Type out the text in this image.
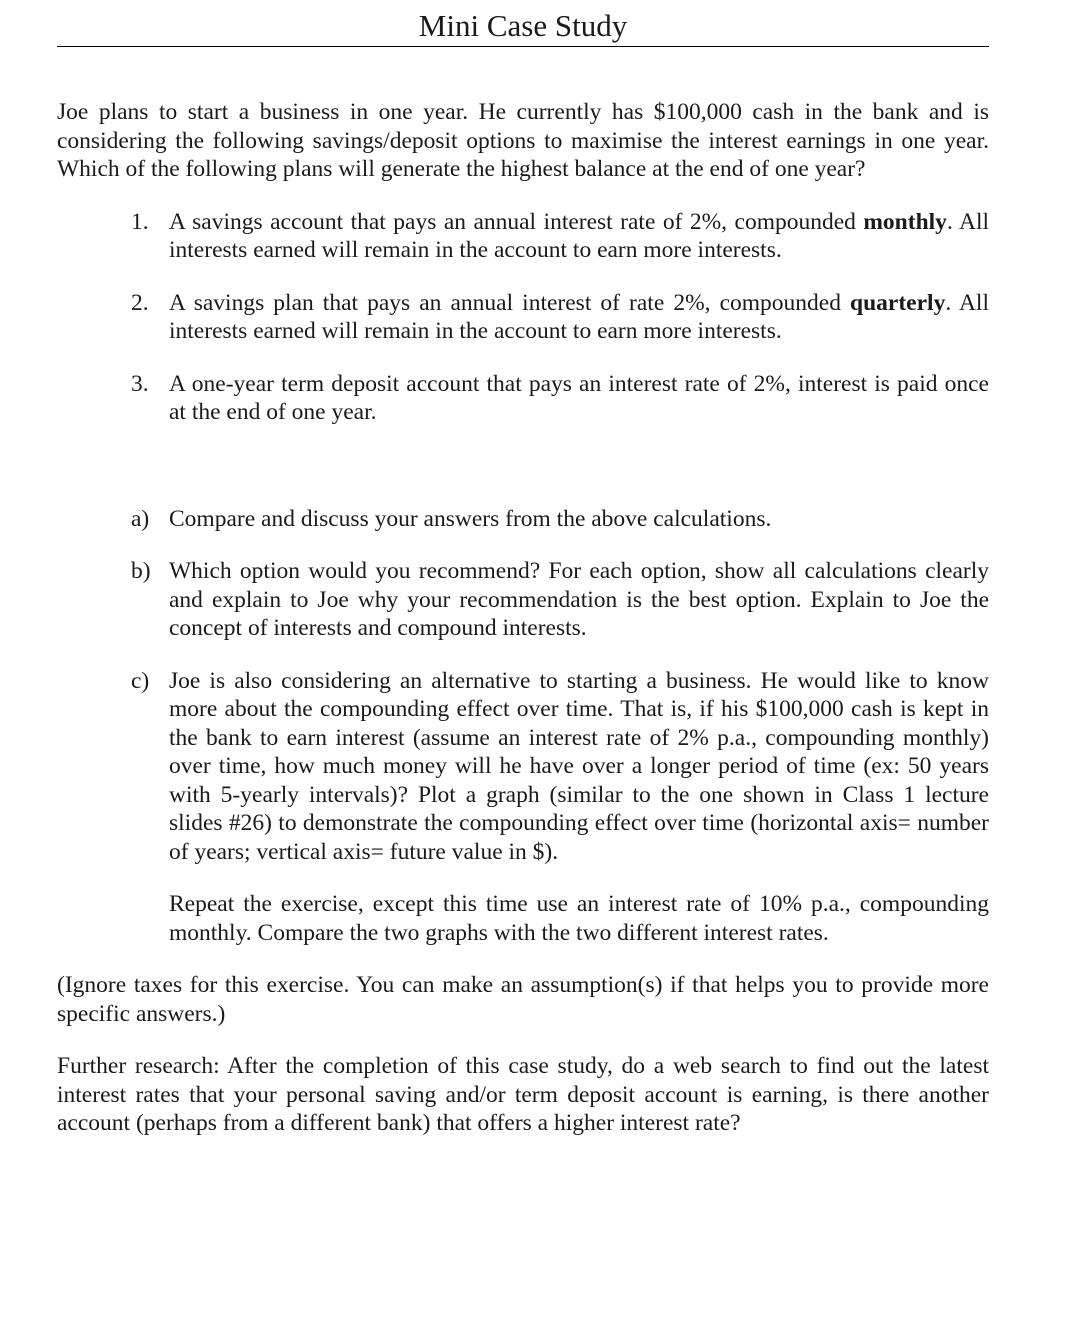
Mini Case Study

Joe plans to start a business in one year. He currently has $100,000 cash in the bank and is considering the following savings/deposit options to maximise the interest earnings in one year. Which of the following plans will generate the highest balance at the end of one year?

1. A savings account that pays an annual interest rate of 2%, compounded monthly. All interests earned will remain in the account to earn more interests.
2. A savings plan that pays an annual interest of rate 2%, compounded quarterly. All interests earned will remain in the account to earn more interests.
3. A one-year term deposit account that pays an interest rate of 2%, interest is paid once at the end of one year.
a) Compare and discuss your answers from the above calculations.
b) Which option would you recommend? For each option, show all calculations clearly and explain to Joe why your recommendation is the best option. Explain to Joe the concept of interests and compound interests.
c) Joe is also considering an alternative to starting a business. He would like to know more about the compounding effect over time. That is, if his $100,000 cash is kept in the bank to earn interest (assume an interest rate of 2% p.a., compounding monthly) over time, how much money will he have over a longer period of time (ex: 50 years with 5-yearly intervals)? Plot a graph (similar to the one shown in Class 1 lecture slides #26) to demonstrate the compounding effect over time (horizontal axis= number of years; vertical axis= future value in $).

Repeat the exercise, except this time use an interest rate of 10% p.a., compounding monthly. Compare the two graphs with the two different interest rates.

(Ignore taxes for this exercise. You can make an assumption(s) if that helps you to provide more specific answers.)

Further research: After the completion of this case study, do a web search to find out the latest interest rates that your personal saving and/or term deposit account is earning, is there another account (perhaps from a different bank) that offers a higher interest rate?
